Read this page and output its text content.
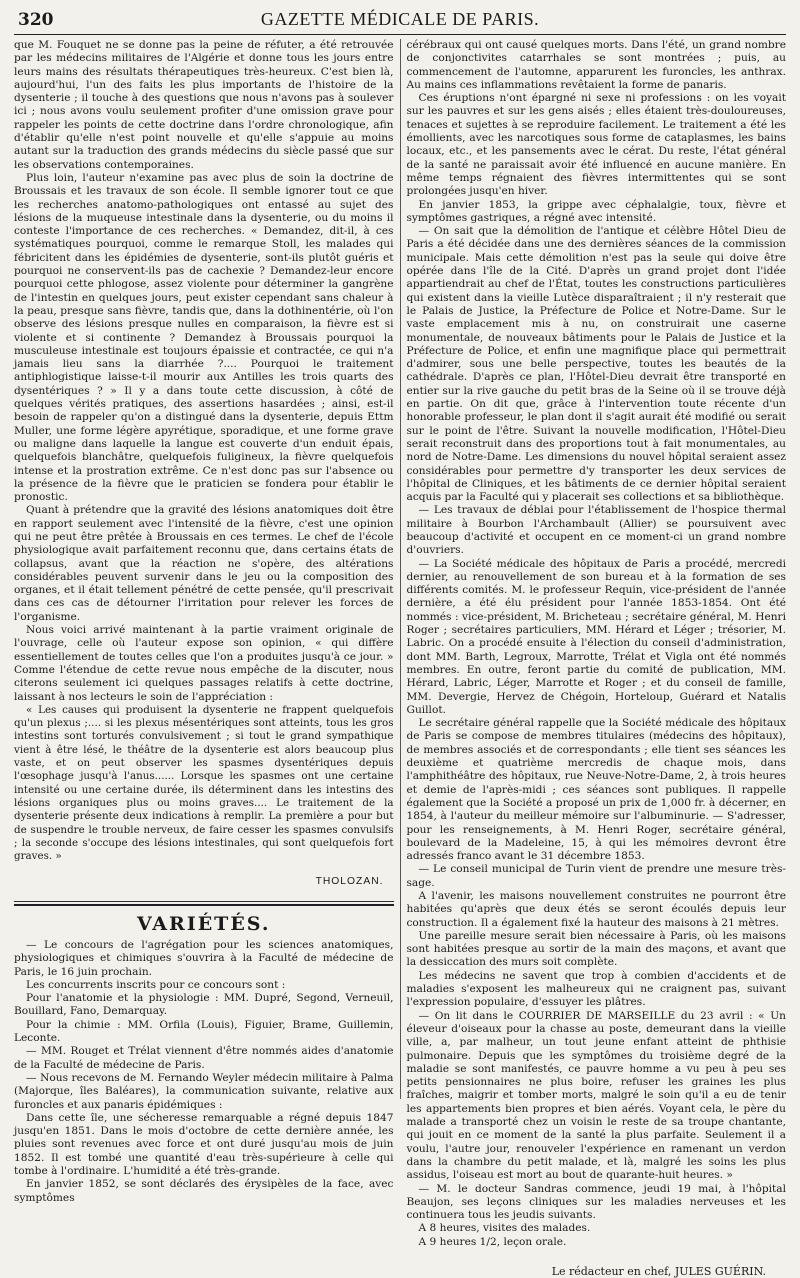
320	GAZETTE MÉDICALE DE PARIS.

que M. Fouquet ne se donne pas la peine de réfuter, a été retrouvée par les médecins militaires de l'Algérie et donne tous les jours entre leurs mains des résultats thérapeutiques très-heureux. C'est bien là, aujourd'hui, l'un des faits les plus importants de l'histoire de la dysenterie ; il touche à des questions que nous n'avons pas à soulever ici ; nous avons voulu seulement profiter d'une omission grave pour rappeler les points de cette doctrine dans l'ordre chronologique, afin d'établir qu'elle n'est point nouvelle et qu'elle s'appuie au moins autant sur la traduction des grands médecins du siècle passé que sur les observations contemporaines.

Plus loin, l'auteur n'examine pas avec plus de soin la doctrine de Broussais et les travaux de son école. Il semble ignorer tout ce que les recherches anatomo-pathologiques ont entassé au sujet des lésions de la muqueuse intestinale dans la dysenterie, ou du moins il conteste l'importance de ces recherches. « Demandez, dit-il, à ces systématiques pourquoi, comme le remarque Stoll, les malades qui fébricitent dans les épidémies de dysenterie, sont-ils plutôt guéris et pourquoi ne conservent-ils pas de cachexie ? Demandez-leur encore pourquoi cette phlogose, assez violente pour déterminer la gangrène de l'intestin en quelques jours, peut exister cependant sans chaleur à la peau, presque sans fièvre, tandis que, dans la dothinentérie, où l'on observe des lésions presque nulles en comparaison, la fièvre est si violente et si continente ? Demandez à Broussais pourquoi la musculeuse intestinale est toujours épaissie et contractée, ce qui n'a jamais lieu sans la diarrhée ?.... Pourquoi le traitement antiphlogistique laisse-t-il mourir aux Antilles les trois quarts des dysentériques ? » Il y a dans toute cette discussion, à côté de quelques vérités pratiques, des assertions hasardées ; ainsi, est-il besoin de rappeler qu'on a distingué dans la dysenterie, depuis Ettm Muller, une forme légère apyrétique, sporadique, et une forme grave ou maligne dans laquelle la langue est couverte d'un enduit épais, quelquefois blanchâtre, quelquefois fuligineux, la fièvre quelquefois intense et la prostration extrême. Ce n'est donc pas sur l'absence ou la présence de la fièvre que le praticien se fondera pour établir le pronostic.

Quant à prétendre que la gravité des lésions anatomiques doit être en rapport seulement avec l'intensité de la fièvre, c'est une opinion qui ne peut être prêtée à Broussais en ces termes. Le chef de l'école physiologique avait parfaitement reconnu que, dans certains états de collapsus, avant que la réaction ne s'opère, des altérations considérables peuvent survenir dans le jeu ou la composition des organes, et il était tellement pénétré de cette pensée, qu'il prescrivait dans ces cas de détourner l'irritation pour relever les forces de l'organisme.

Nous voici arrivé maintenant à la partie vraiment originale de l'ouvrage, celle où l'auteur expose son opinion, « qui diffère essentiellement de toutes celles que l'on a produites jusqu'à ce jour. » Comme l'étendue de cette revue nous empêche de la discuter, nous citerons seulement ici quelques passages relatifs à cette doctrine, laissant à nos lecteurs le soin de l'appréciation :

« Les causes qui produisent la dysenterie ne frappent quelquefois qu'un plexus ;.... si les plexus mésentériques sont atteints, tous les gros intestins sont torturés convulsivement ; si tout le grand sympathique vient à être lésé, le théâtre de la dysenterie est alors beaucoup plus vaste, et on peut observer les spasmes dysentériques depuis l'œsophage jusqu'à l'anus...... Lorsque les spasmes ont une certaine intensité ou une certaine durée, ils déterminent dans les intestins des lésions organiques plus ou moins graves.... Le traitement de la dysenterie présente deux indications à remplir. La première a pour but de suspendre le trouble nerveux, de faire cesser les spasmes convulsifs ; la seconde s'occupe des lésions intestinales, qui sont quelquefois fort graves. »

THOLOZAN.
VARIÉTÉS.

— Le concours de l'agrégation pour les sciences anatomiques, physiologiques et chimiques s'ouvrira à la Faculté de médecine de Paris, le 16 juin prochain.

Les concurrents inscrits pour ce concours sont :

Pour l'anatomie et la physiologie : MM. Dupré, Segond, Verneuil, Bouillard, Fano, Demarquay.

Pour la chimie : MM. Orfila (Louis), Figuier, Brame, Guillemin, Leconte.

— MM. Rouget et Trélat viennent d'être nommés aides d'anatomie de la Faculté de médecine de Paris.

— Nous recevons de M. Fernando Weyler médecin militaire à Palma (Majorque, îles Baléares), la communication suivante, relative aux furoncles et aux panaris épidémiques :

Dans cette île, une sécheresse remarquable a régné depuis 1847 jusqu'en 1851. Dans le mois d'octobre de cette dernière année, les pluies sont revenues avec force et ont duré jusqu'au mois de juin 1852. Il est tombé une quantité d'eau très-supérieure à celle qui tombe à l'ordinaire. L'humidité a été très-grande.

En janvier 1852, se sont déclarés des érysipèles de la face, avec symptômes

cérébraux qui ont causé quelques morts. Dans l'été, un grand nombre de conjonctivites catarrhales se sont montrées ; puis, au commencement de l'automne, apparurent les furoncles, les anthrax. Au mains ces inflammations revêtaient la forme de panaris.

Ces éruptions n'ont épargné ni sexe ni professions : on les voyait sur les pauvres et sur les gens aisés ; elles étaient très-douloureuses, tenaces et sujettes à se reproduire facilement. Le traitement a été les émollients, avec les narcotiques sous forme de cataplasmes, les bains locaux, etc., et les pansements avec le cérat. Du reste, l'état général de la santé ne paraissait avoir été influencé en aucune manière. En même temps régnaient des fièvres intermittentes qui se sont prolongées jusqu'en hiver.

En janvier 1853, la grippe avec céphalalgie, toux, fièvre et symptômes gastriques, a régné avec intensité.

— On sait que la démolition de l'antique et célèbre Hôtel Dieu de Paris a été décidée dans une des dernières séances de la commission municipale. Mais cette démolition n'est pas la seule qui doive être opérée dans l'île de la Cité. D'après un grand projet dont l'idée appartiendrait au chef de l'État, toutes les constructions particulières qui existent dans la vieille Lutèce disparaîtraient ; il n'y resterait que le Palais de Justice, la Préfecture de Police et Notre-Dame. Sur le vaste emplacement mis à nu, on construirait une caserne monumentale, de nouveaux bâtiments pour le Palais de Justice et la Préfecture de Police, et enfin une magnifique place qui permettrait d'admirer, sous une belle perspective, toutes les beautés de la cathédrale. D'après ce plan, l'Hôtel-Dieu devrait être transporté en entier sur la rive gauche du petit bras de la Seine où il se trouve déjà en partie. On dit que, grâce à l'intervention toute récente d'un honorable professeur, le plan dont il s'agit aurait été modifié ou serait sur le point de l'être. Suivant la nouvelle modification, l'Hôtel-Dieu serait reconstruit dans des proportions tout à fait monumentales, au nord de Notre-Dame. Les dimensions du nouvel hôpital seraient assez considérables pour permettre d'y transporter les deux services de l'hôpital de Cliniques, et les bâtiments de ce dernier hôpital seraient acquis par la Faculté qui y placerait ses collections et sa bibliothèque.

— Les travaux de déblai pour l'établissement de l'hospice thermal militaire à Bourbon l'Archambault (Allier) se poursuivent avec beaucoup d'activité et occupent en ce moment-ci un grand nombre d'ouvriers.

— La Société médicale des hôpitaux de Paris a procédé, mercredi dernier, au renouvellement de son bureau et à la formation de ses différents comités. M. le professeur Requin, vice-président de l'année dernière, a été élu président pour l'année 1853-1854. Ont été nommés : vice-président, M. Bricheteau ; secrétaire général, M. Henri Roger ; secrétaires particuliers, MM. Hérard et Léger ; trésorier, M. Labric. On a procédé ensuite à l'élection du conseil d'administration, dont MM. Barth, Legroux, Marrotte, Trélat et Vigla ont été nommés membres. En outre, feront partie du comité de publication, MM. Hérard, Labric, Léger, Marrotte et Roger ; et du conseil de famille, MM. Devergie, Hervez de Chégoin, Horteloup, Guérard et Natalis Guillot.

Le secrétaire général rappelle que la Société médicale des hôpitaux de Paris se compose de membres titulaires (médecins des hôpitaux), de membres associés et de correspondants ; elle tient ses séances les deuxième et quatrième mercredis de chaque mois, dans l'amphithéâtre des hôpitaux, rue Neuve-Notre-Dame, 2, à trois heures et demie de l'après-midi ; ces séances sont publiques. Il rappelle également que la Société a proposé un prix de 1,000 fr. à décerner, en 1854, à l'auteur du meilleur mémoire sur l'albuminurie. — S'adresser, pour les renseignements, à M. Henri Roger, secrétaire général, boulevard de la Madeleine, 15, à qui les mémoires devront être adressés franco avant le 31 décembre 1853.

— Le conseil municipal de Turin vient de prendre une mesure très-sage.

A l'avenir, les maisons nouvellement construites ne pourront être habitées qu'après que deux étés se seront écoulés depuis leur construction. Il a également fixé la hauteur des maisons à 21 mètres.

Une pareille mesure serait bien nécessaire à Paris, où les maisons sont habitées presque au sortir de la main des maçons, et avant que la dessiccation des murs soit complète.

Les médecins ne savent que trop à combien d'accidents et de maladies s'exposent les malheureux qui ne craignent pas, suivant l'expression populaire, d'essuyer les plâtres.

— On lit dans le COURRIER DE MARSEILLE du 23 avril : « Un éleveur d'oiseaux pour la chasse au poste, demeurant dans la vieille ville, a, par malheur, un tout jeune enfant atteint de phthisie pulmonaire. Depuis que les symptômes du troisième degré de la maladie se sont manifestés, ce pauvre homme a vu peu à peu ses petits pensionnaires ne plus boire, refuser les graines les plus fraîches, maigrir et tomber morts, malgré le soin qu'il a eu de tenir les appartements bien propres et bien aérés. Voyant cela, le père du malade a transporté chez un voisin le reste de sa troupe chantante, qui jouit en ce moment de la santé la plus parfaite. Seulement il a voulu, l'autre jour, renouveler l'expérience en ramenant un verdon dans la chambre du petit malade, et là, malgré les soins les plus assidus, l'oiseau est mort au bout de quarante-huit heures. »

— M. le docteur Sandras commence, jeudi 19 mai, à l'hôpital Beaujon, ses leçons cliniques sur les maladies nerveuses et les continuera tous les jeudis suivants.

A 8 heures, visites des malades.

A 9 heures 1/2, leçon orale.

Le rédacteur en chef, JULES GUÉRIN.
